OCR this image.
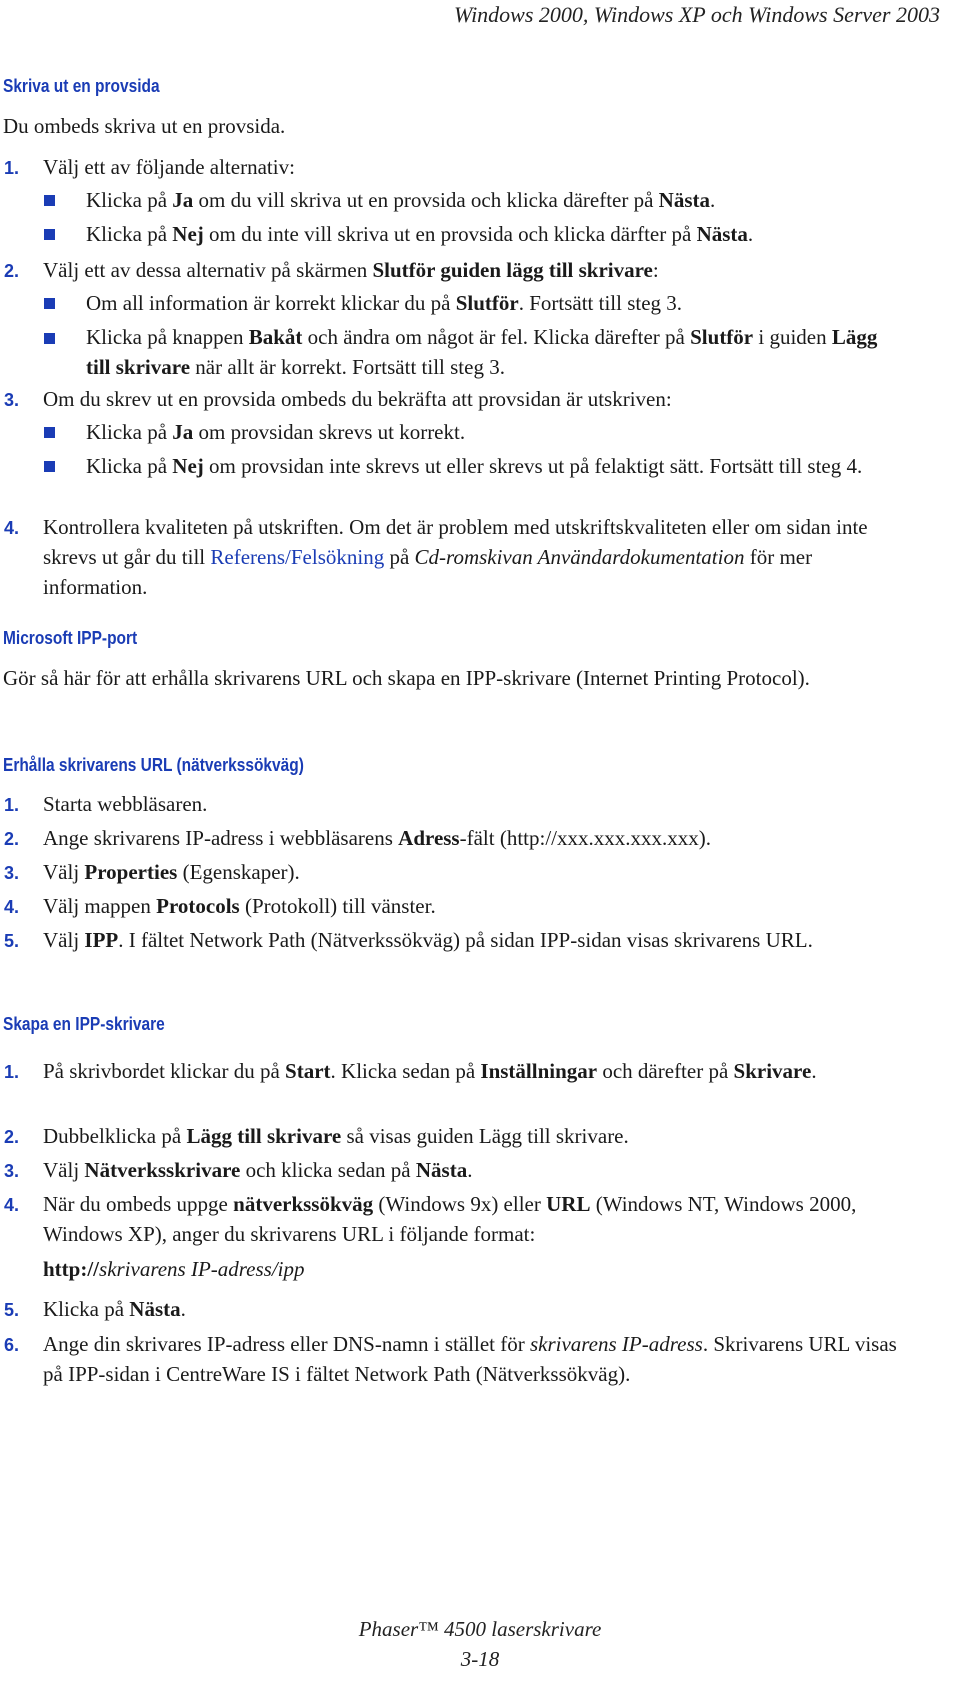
Windows 2000, Windows XP och Windows Server 2003
Skriva ut en provsida
Du ombeds skriva ut en provsida.
1. Välj ett av följande alternativ:
Klicka på Ja om du vill skriva ut en provsida och klicka därefter på Nästa.
Klicka på Nej om du inte vill skriva ut en provsida och klicka därfter på Nästa.
2. Välj ett av dessa alternativ på skärmen Slutför guiden lägg till skrivare:
Om all information är korrekt klickar du på Slutför. Fortsätt till steg 3.
Klicka på knappen Bakåt och ändra om något är fel. Klicka därefter på Slutför i guiden Lägg till skrivare när allt är korrekt. Fortsätt till steg 3.
3. Om du skrev ut en provsida ombeds du bekräfta att provsidan är utskriven:
Klicka på Ja om provsidan skrevs ut korrekt.
Klicka på Nej om provsidan inte skrevs ut eller skrevs ut på felaktigt sätt. Fortsätt till steg 4.
4. Kontrollera kvaliteten på utskriften. Om det är problem med utskriftskvaliteten eller om sidan inte skrevs ut går du till Referens/Felsökning på Cd-romskivan Användardokumentation för mer information.
Microsoft IPP-port
Gör så här för att erhålla skrivarens URL och skapa en IPP-skrivare (Internet Printing Protocol).
Erhålla skrivarens URL (nätverkssökväg)
1. Starta webbläsaren.
2. Ange skrivarens IP-adress i webbläsarens Adress-fält (http://xxx.xxx.xxx.xxx).
3. Välj Properties (Egenskaper).
4. Välj mappen Protocols (Protokoll) till vänster.
5. Välj IPP. I fältet Network Path (Nätverkssökväg) på sidan IPP-sidan visas skrivarens URL.
Skapa en IPP-skrivare
1. På skrivbordet klickar du på Start. Klicka sedan på Inställningar och därefter på Skrivare.
2. Dubbelklicka på Lägg till skrivare så visas guiden Lägg till skrivare.
3. Välj Nätverksskrivare och klicka sedan på Nästa.
4. När du ombeds uppge nätverkssökväg (Windows 9x) eller URL (Windows NT, Windows 2000, Windows XP), anger du skrivarens URL i följande format:
http://skrivarens IP-adress/ipp
5. Klicka på Nästa.
6. Ange din skrivares IP-adress eller DNS-namn i stället för skrivarens IP-adress. Skrivarens URL visas på IPP-sidan i CentreWare IS i fältet Network Path (Nätverkssökväg).
Phaser™ 4500 laserskrivare
3-18
